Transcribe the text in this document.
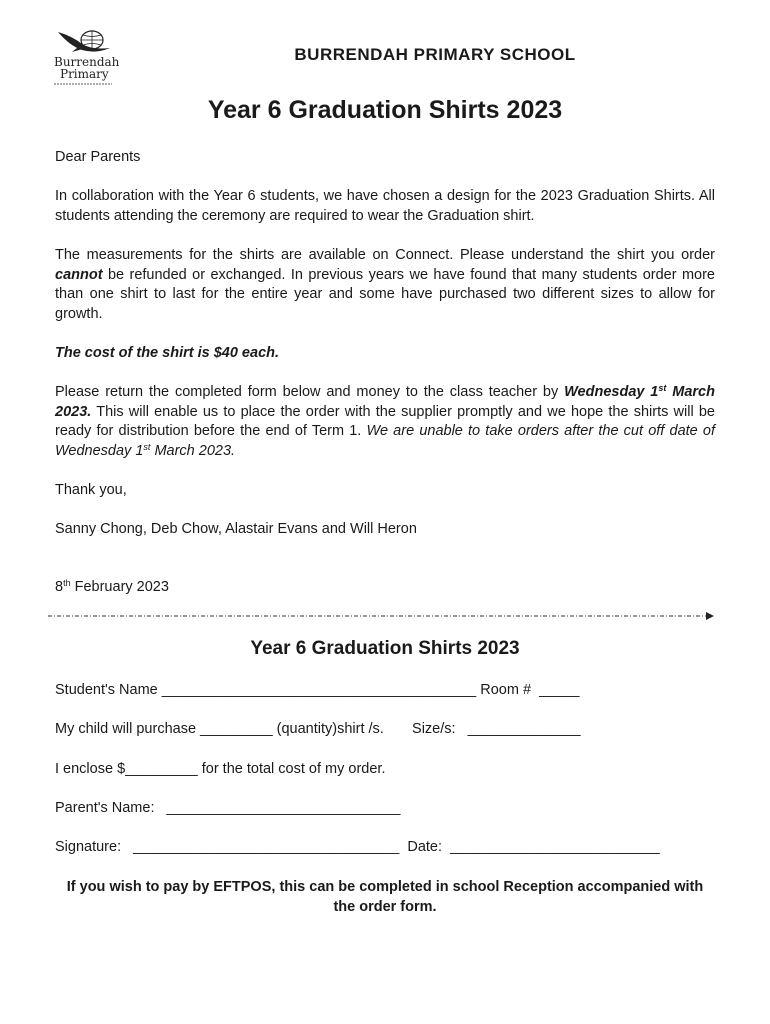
Burrendah
Primary
BURRENDAH PRIMARY SCHOOL
Year 6 Graduation Shirts 2023
Dear Parents
In collaboration with the Year 6 students, we have chosen a design for the 2023 Graduation Shirts. All students attending the ceremony are required to wear the Graduation shirt.
The measurements for the shirts are available on Connect. Please understand the shirt you order cannot be refunded or exchanged. In previous years we have found that many students order more than one shirt to last for the entire year and some have purchased two different sizes to allow for growth.
The cost of the shirt is $40 each.
Please return the completed form below and money to the class teacher by Wednesday 1st March 2023. This will enable us to place the order with the supplier promptly and we hope the shirts will be ready for distribution before the end of Term 1. We are unable to take orders after the cut off date of Wednesday 1st March 2023.
Thank you,
Sanny Chong, Deb Chow, Alastair Evans and Will Heron
8th February 2023
Year 6 Graduation Shirts 2023
Student's Name _______________________________________ Room #  _____
My child will purchase _________ (quantity)shirt /s.       Size/s:   ______________
I enclose $_________ for the total cost of my order.
Parent's Name:   _____________________________
Signature:   _________________________________  Date:  __________________________
If you wish to pay by EFTPOS, this can be completed in school Reception accompanied with the order form.
